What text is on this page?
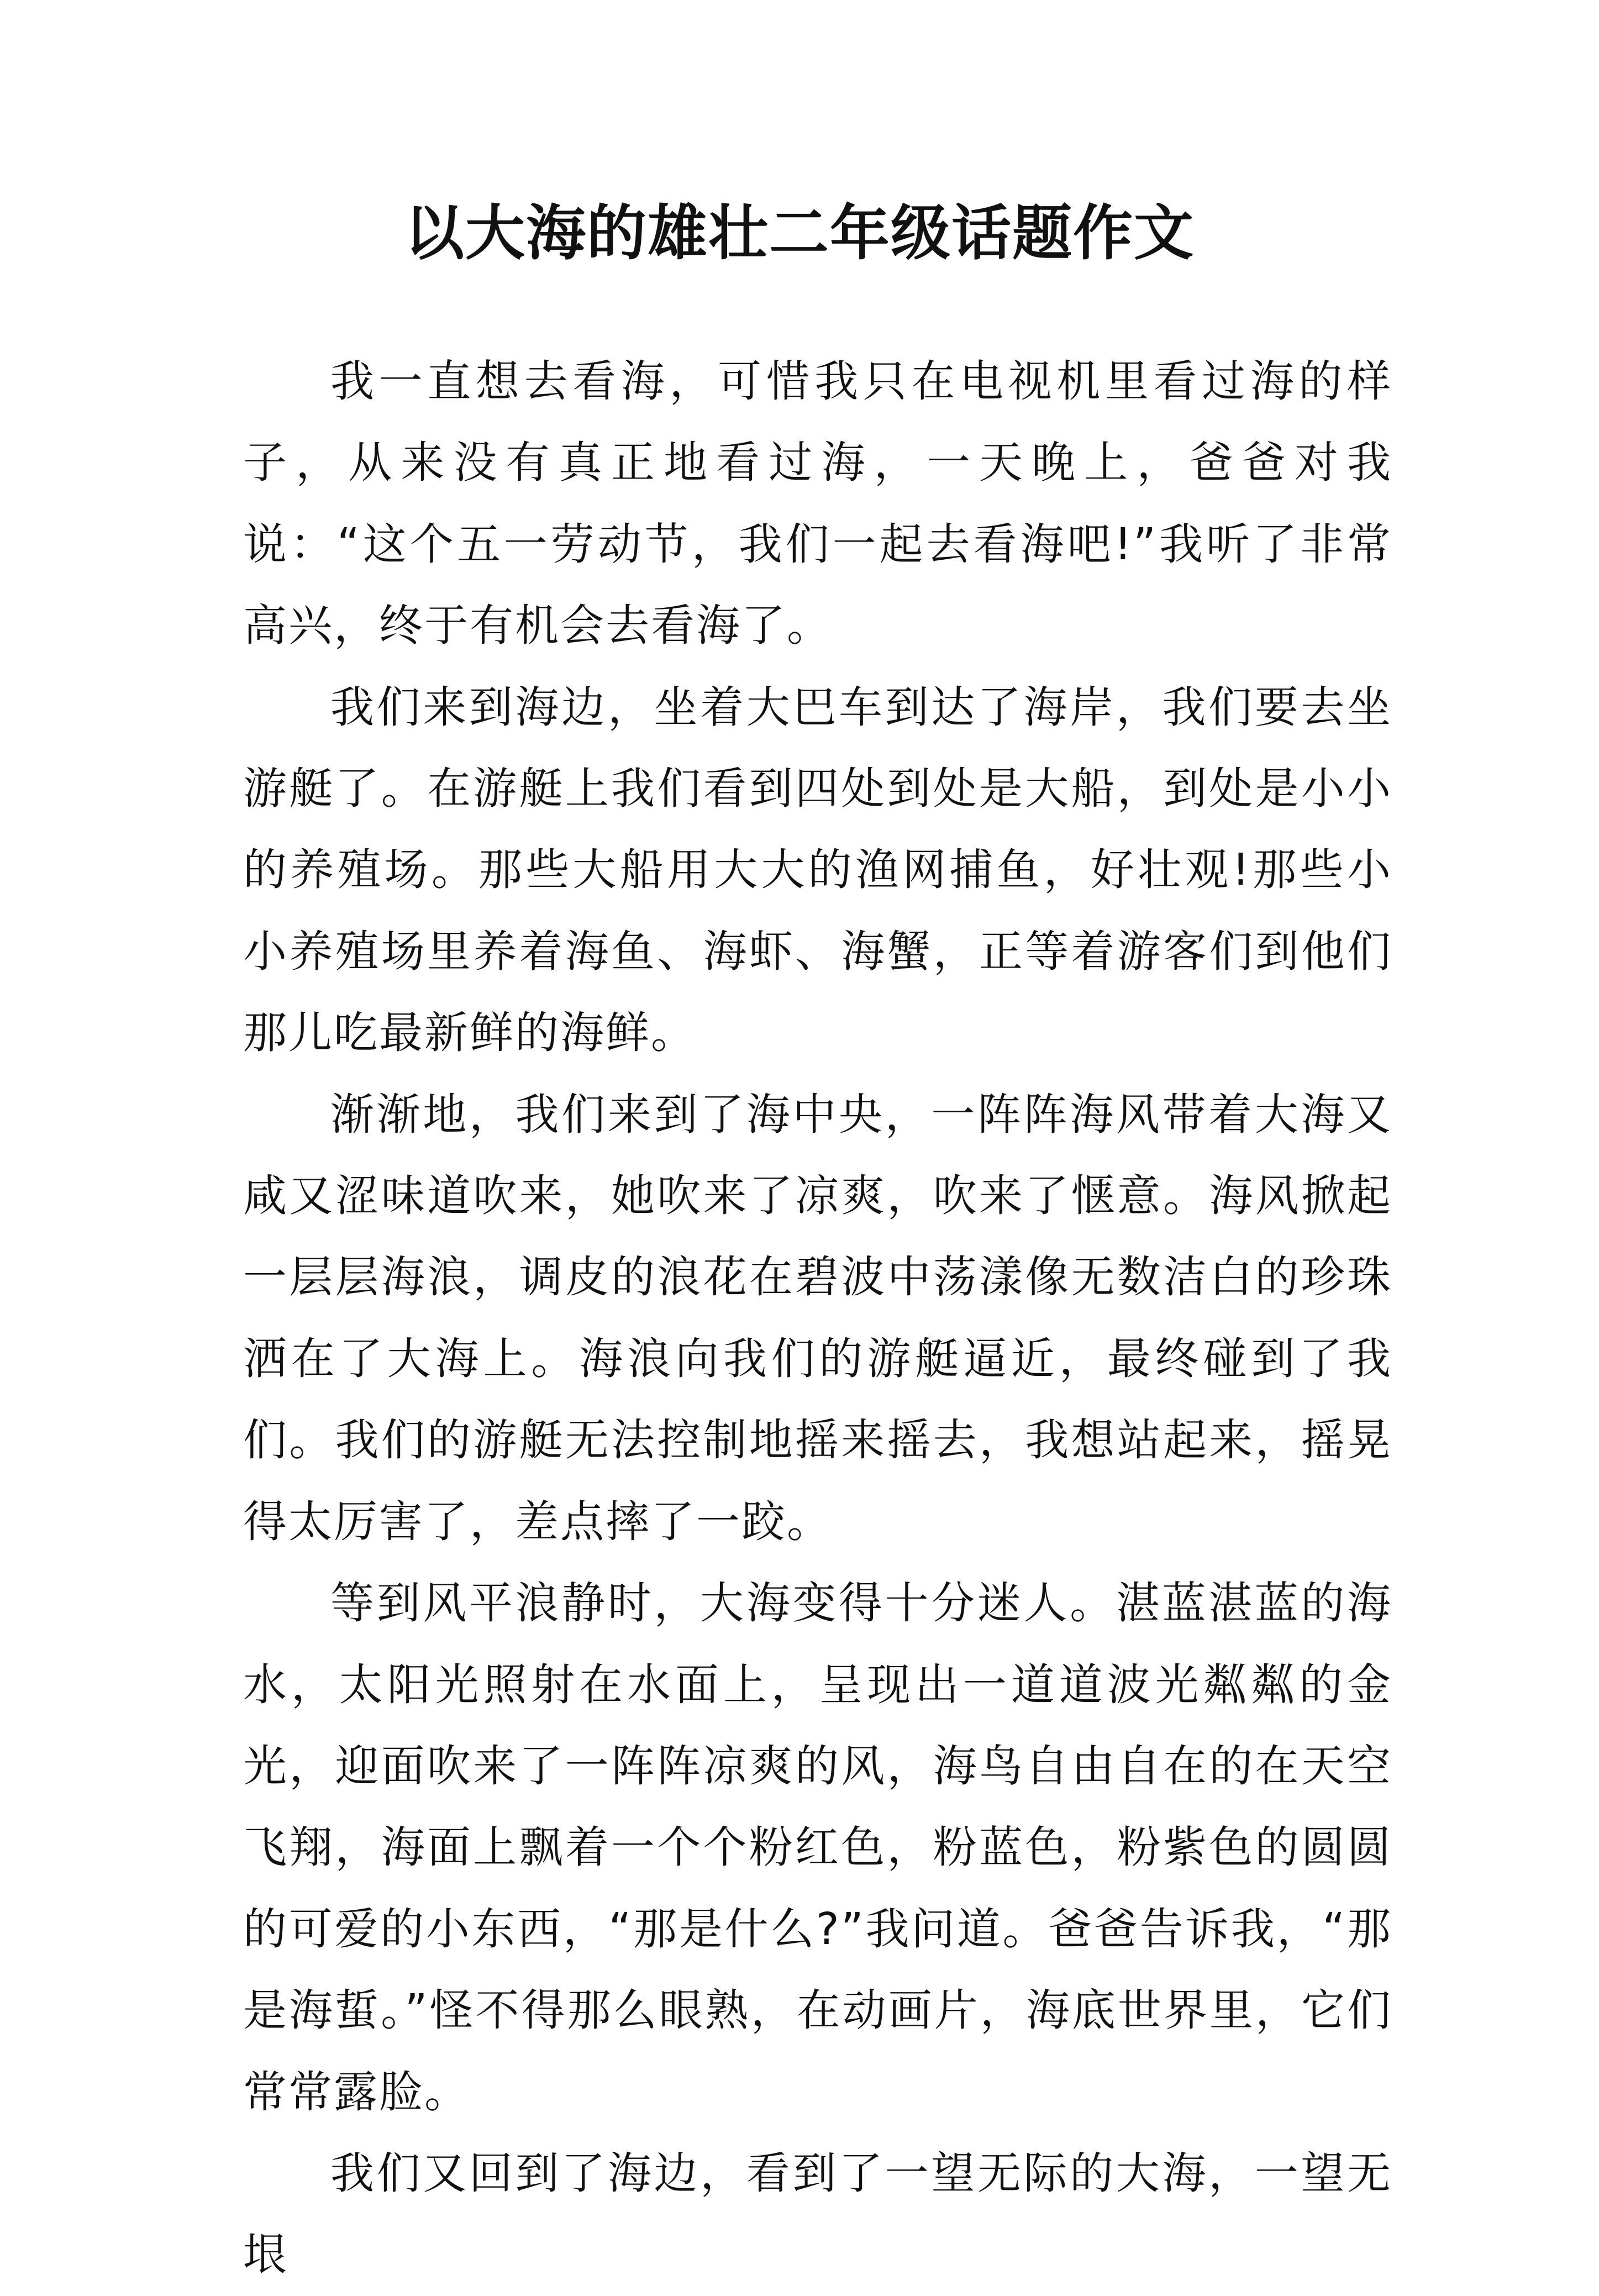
以大海的雄壮二年级话题作文

我一直想去看海，可惜我只在电视机里看过海的样子，从来没有真正地看过海，一天晚上，爸爸对我说：“这个五一劳动节，我们一起去看海吧!”我听了非常高兴，终于有机会去看海了。

我们来到海边，坐着大巴车到达了海岸，我们要去坐游艇了。在游艇上我们看到四处到处是大船，到处是小小的养殖场。那些大船用大大的渔网捕鱼，好壮观!那些小小养殖场里养着海鱼、海虾、海蟹，正等着游客们到他们那儿吃最新鲜的海鲜。

渐渐地，我们来到了海中央，一阵阵海风带着大海又咸又涩味道吹来，她吹来了凉爽，吹来了惬意。海风掀起一层层海浪，调皮的浪花在碧波中荡漾像无数洁白的珍珠洒在了大海上。海浪向我们的游艇逼近，最终碰到了我们。我们的游艇无法控制地摇来摇去，我想站起来，摇晃得太厉害了，差点摔了一跤。

等到风平浪静时，大海变得十分迷人。湛蓝湛蓝的海水，太阳光照射在水面上，呈现出一道道波光粼粼的金光，迎面吹来了一阵阵凉爽的风，海鸟自由自在的在天空飞翔，海面上飘着一个个粉红色，粉蓝色，粉紫色的圆圆的可爱的小东西，“那是什么?”我问道。爸爸告诉我，“那是海蜇。”怪不得那么眼熟，在动画片，海底世界里，它们常常露脸。

我们又回到了海边，看到了一望无际的大海，一望无垠
